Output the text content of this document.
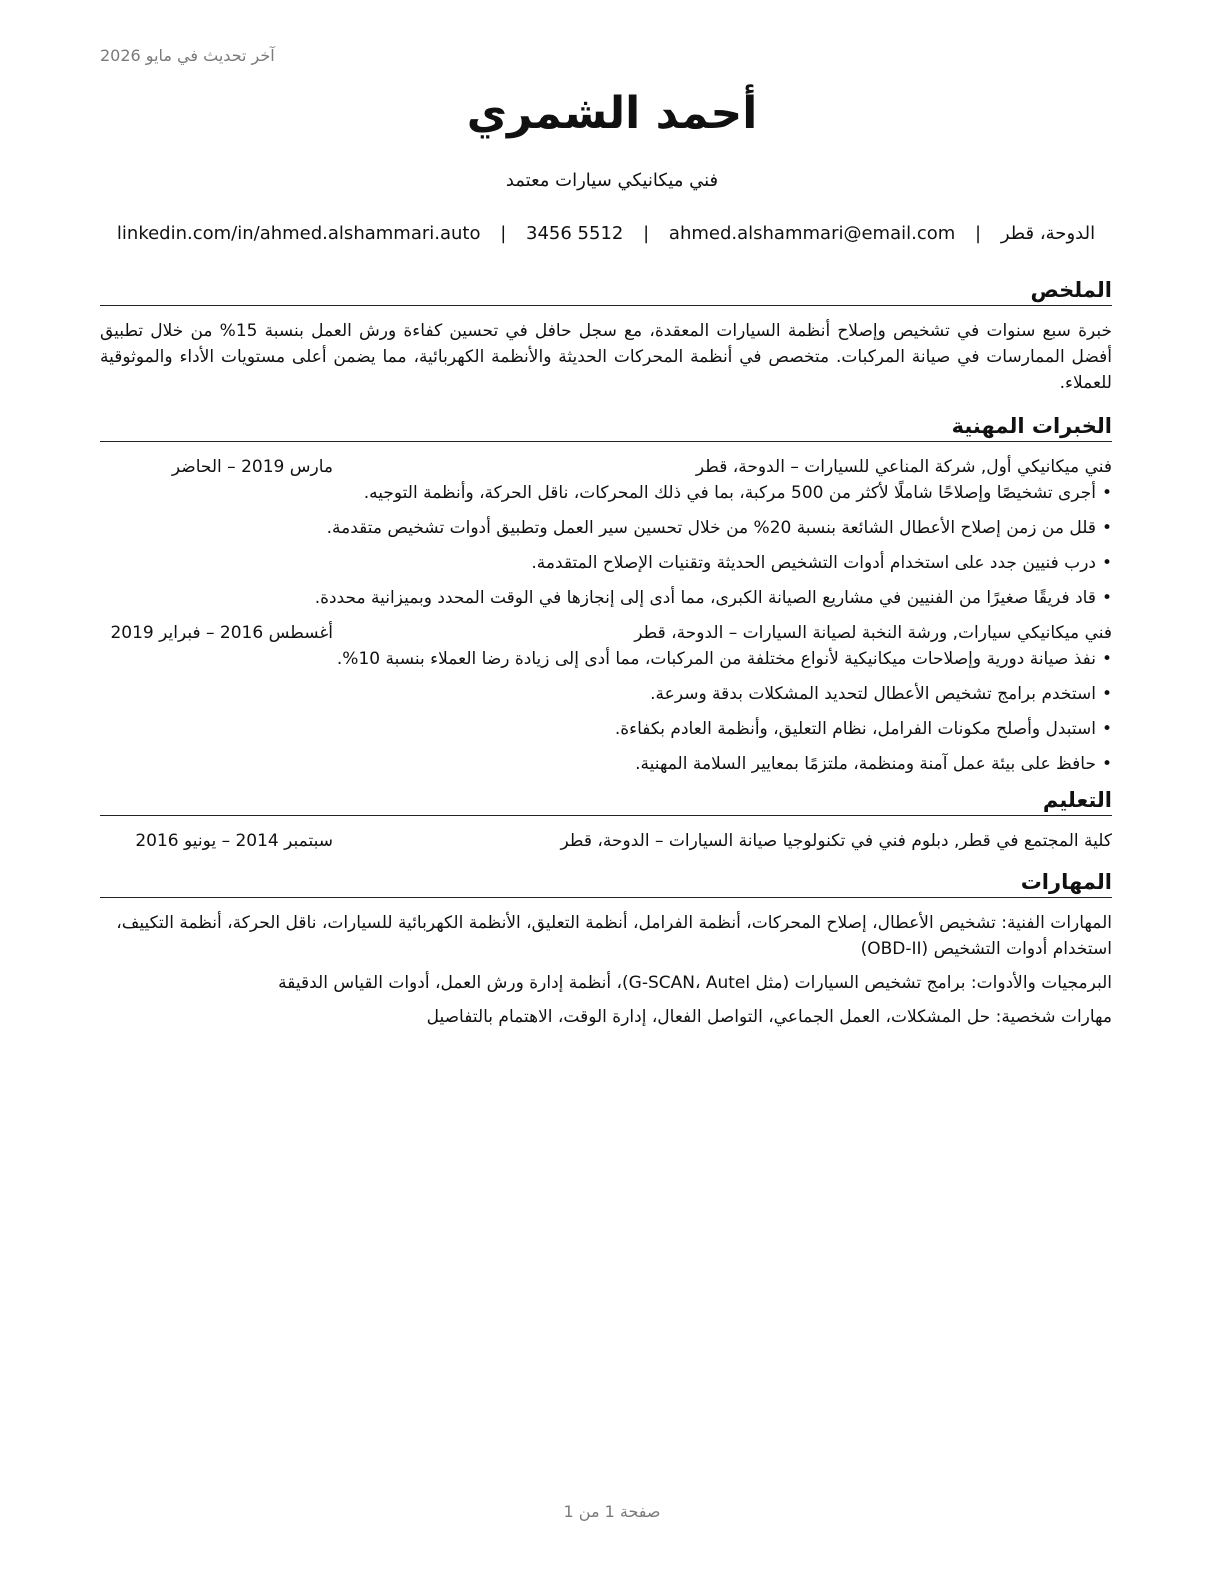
آخر تحديث في مايو 2026
أحمد الشمري
فني ميكانيكي سيارات معتمد
الدوحة، قطر | ahmed.alshammari@email.com | 3456 5512 | linkedin.com/in/ahmed.alshammari.auto
الملخص

خبرة سبع سنوات في تشخيص وإصلاح أنظمة السيارات المعقدة، مع سجل حافل في تحسين كفاءة ورش العمل بنسبة 15% من خلال تطبيق أفضل الممارسات في صيانة المركبات. متخصص في أنظمة المحركات الحديثة والأنظمة الكهربائية، مما يضمن أعلى مستويات الأداء والموثوقية للعملاء.

الخبرات المهنية
فني ميكانيكي أول, شركة المناعي للسيارات – الدوحة، قطر
مارس 2019 – الحاضر
•أجرى تشخيصًا وإصلاحًا شاملًا لأكثر من 500 مركبة، بما في ذلك المحركات، ناقل الحركة، وأنظمة التوجيه.
•قلل من زمن إصلاح الأعطال الشائعة بنسبة 20% من خلال تحسين سير العمل وتطبيق أدوات تشخيص متقدمة.
•درب فنيين جدد على استخدام أدوات التشخيص الحديثة وتقنيات الإصلاح المتقدمة.
•قاد فريقًا صغيرًا من الفنيين في مشاريع الصيانة الكبرى، مما أدى إلى إنجازها في الوقت المحدد وبميزانية محددة.
فني ميكانيكي سيارات, ورشة النخبة لصيانة السيارات – الدوحة، قطر
أغسطس 2016 – فبراير 2019
•نفذ صيانة دورية وإصلاحات ميكانيكية لأنواع مختلفة من المركبات، مما أدى إلى زيادة رضا العملاء بنسبة 10%.
•استخدم برامج تشخيص الأعطال لتحديد المشكلات بدقة وسرعة.
•استبدل وأصلح مكونات الفرامل، نظام التعليق، وأنظمة العادم بكفاءة.
•حافظ على بيئة عمل آمنة ومنظمة، ملتزمًا بمعايير السلامة المهنية.
التعليم
كلية المجتمع في قطر, دبلوم فني في تكنولوجيا صيانة السيارات – الدوحة، قطر
سبتمبر 2014 – يونيو 2016
المهارات

المهارات الفنية: تشخيص الأعطال، إصلاح المحركات، أنظمة الفرامل، أنظمة التعليق، الأنظمة الكهربائية للسيارات، ناقل الحركة، أنظمة التكييف، استخدام أدوات التشخيص (OBD-II)

البرمجيات والأدوات: برامج تشخيص السيارات (مثل G-SCAN، Autel)، أنظمة إدارة ورش العمل، أدوات القياس الدقيقة

مهارات شخصية: حل المشكلات، العمل الجماعي، التواصل الفعال، إدارة الوقت، الاهتمام بالتفاصيل

صفحة 1 من 1
